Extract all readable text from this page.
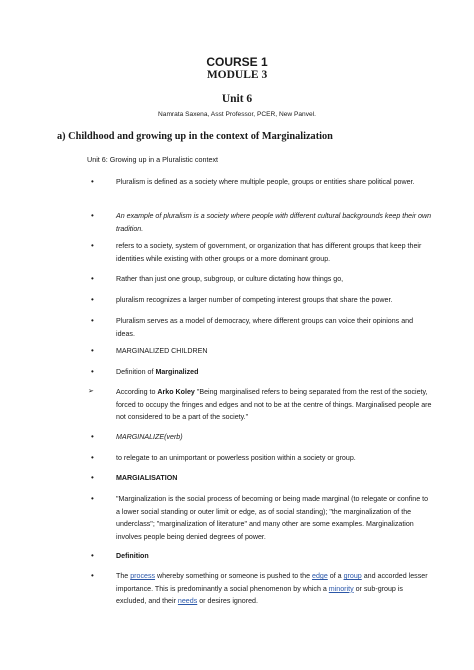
COURSE 1
MODULE 3
Unit 6
Namrata Saxena, Asst Professor, PCER, New Panvel.
a) Childhood and growing up in the context of Marginalization
Unit 6: Growing up in a Pluralistic context
•	Pluralism is defined as a society where multiple people, groups or entities share political power.
•	An example of pluralism is a society where people with different cultural backgrounds keep their own tradition.
•	refers to a society, system of government, or organization that has different groups that keep their identities while existing with other groups or a more dominant group.
•	Rather than just one group, subgroup, or culture dictating how things go,
•	pluralism recognizes a larger number of competing interest groups that share the power.
•	Pluralism serves as a model of democracy, where different groups can voice their opinions and ideas.
•	MARGINALIZED CHILDREN
•	Definition of Marginalized
➢	According to Arko Koley "Being marginalised refers to being separated from the rest of the society, forced to occupy the fringes and edges and not to be at the centre of things. Marginalised people are not considered to be a part of the society."
•	MARGINALIZE(verb)
•	to relegate to an unimportant or powerless position within a society or group.
•	MARGIALISATION
•	"Marginalization is the social process of becoming or being made marginal (to relegate or confine to a lower social standing or outer limit or edge, as of social standing); "the marginalization of the underclass"; "marginalization of literature" and many other are some examples. Marginalization involves people being denied degrees of power.
•	Definition
•	The process whereby something or someone is pushed to the edge of a group and accorded lesser importance. This is predominantly a social phenomenon by which a minority or sub-group is excluded, and their needs or desires ignored.
